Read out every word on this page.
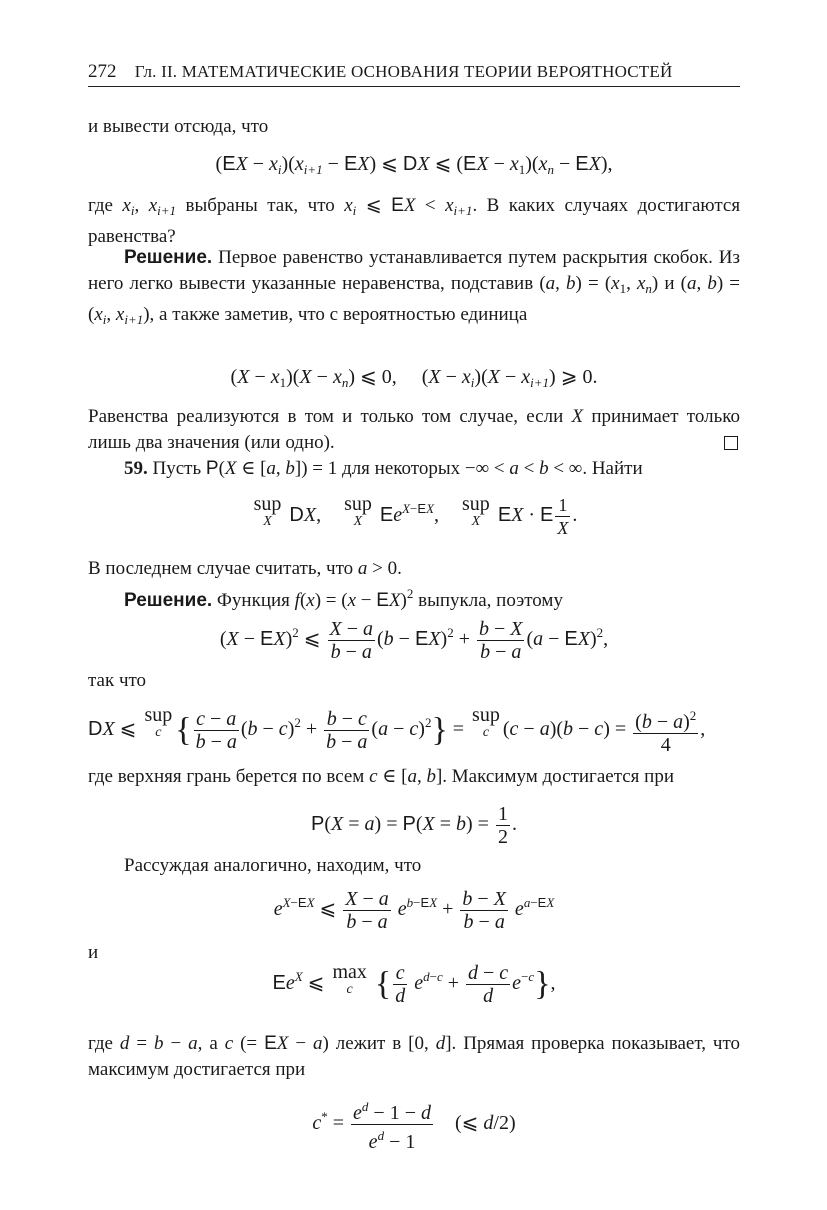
272 Гл. II. МАТЕМАТИЧЕСКИЕ ОСНОВАНИЯ ТЕОРИИ ВЕРОЯТНОСТЕЙ
и вывести отсюда, что
$(EX - x_i)(x_{i+1} - EX)$ ⩽ DX ⩽ $(EX - x_1)(x_n - EX)$,
где $x_i$, $x_{i+1}$ выбраны так, что $x_i$ ⩽ EX < $x_{i+1}$. В каких случаях достигаются равенства?
Решение. Первое равенство устанавливается путем раскрытия скобок. Из него легко вывести указанные неравенства, подставив (a, $b) = (x_1$, $x_n$) и (a, $b) = (x_i$, $x_{i+1}$), а также заметив, что с вероятностью единица
$(X - x_1)(X - x_n)$ ⩽ 0,     $(X - x_i)(X - x_{i+1})$ ⩾ 0.
Равенства реализуются в том и только том случае, если X принимает только лишь два значения (или одно).
59. Пусть P(X ∈ [a, b]) = 1 для некоторых −∞ < a < b < ∞. Найти
sup
X DX,    sup
X $Ee^{X-EX}$,    sup
X EX · E $\frac{1}{X}$ .
В последнем случае считать, что a > 0.
Решение. Функция f(x) = (x − EX)$^2$ выпукла, поэтому
(X − EX)$^2$ ⩽ $\frac{X - a}{b - a} (b - EX)^2 + \frac{b - X}{b - a} (a - EX)^2$,
так что
DX ⩽ sup
c { $\frac{c - a}{b - a} (b - c)^2 + \frac{b - c}{b - a} (a - c)^2$} = sup
c $(c - a)(b - c) = \frac{(b - a)^2}{4}$ ,
где верхняя грань берется по всем c ∈ [a, b]. Максимум достигается при
$P(X = a) = P(X = b) = \frac{1}{2}$ .
Рассуждая аналогично, находим, что
$e^{X-EX}$ ⩽ $\frac{X - a}{b - a} e^{b-EX} + \frac{b - X}{b - a} e^{a-EX}$
и
$Ee^X$ ⩽ max
c { $\frac{c}{d} e^{d-c} + \frac{d - c}{d} e^{-c}$},
где d = b − a, а c (= EX − a) лежит в [0, d]. Прямая проверка показывает, что максимум достигается при
$c^* = \frac{e^d - 1 - d}{e^d - 1}$ (⩽ d/2)
